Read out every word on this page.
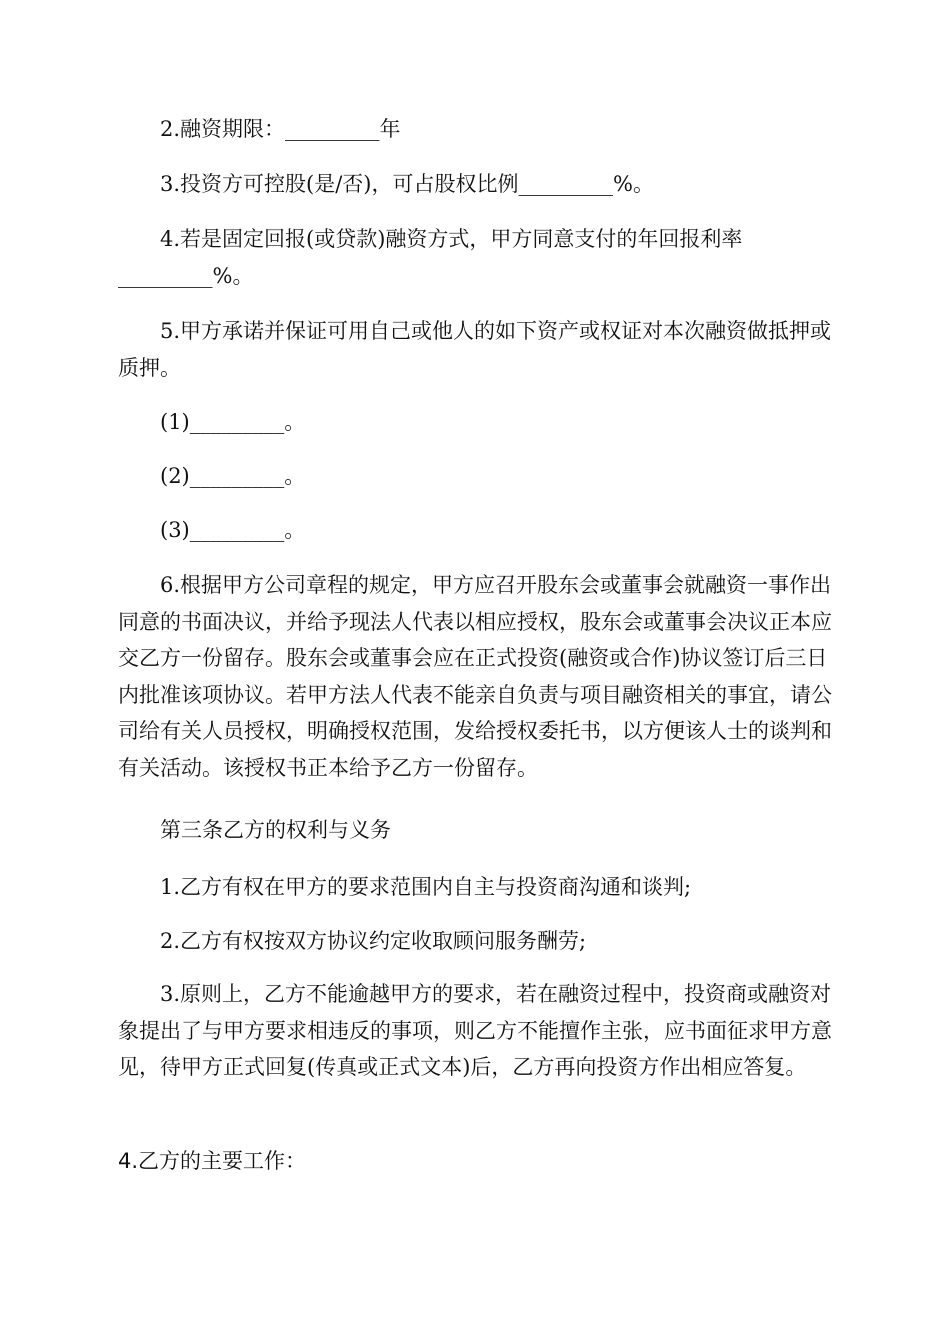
2.融资期限：_________年

3.投资方可控股(是/否)，可占股权比例_________%。

4.若是固定回报(或贷款)融资方式，甲方同意支付的年回报利率_________%。

5.甲方承诺并保证可用自己或他人的如下资产或权证对本次融资做抵押或质押。

(1)_________。
(2)_________。
(3)_________。

6.根据甲方公司章程的规定，甲方应召开股东会或董事会就融资一事作出同意的书面决议，并给予现法人代表以相应授权，股东会或董事会决议正本应交乙方一份留存。股东会或董事会应在正式投资(融资或合作)协议签订后三日内批准该项协议。若甲方法人代表不能亲自负责与项目融资相关的事宜，请公司给有关人员授权，明确授权范围，发给授权委托书，以方便该人士的谈判和有关活动。该授权书正本给予乙方一份留存。

第三条乙方的权利与义务

1.乙方有权在甲方的要求范围内自主与投资商沟通和谈判;

2.乙方有权按双方协议约定收取顾问服务酬劳;

3.原则上，乙方不能逾越甲方的要求，若在融资过程中，投资商或融资对象提出了与甲方要求相违反的事项，则乙方不能擅作主张，应书面征求甲方意见，待甲方正式回复(传真或正式文本)后，乙方再向投资方作出相应答复。

4.乙方的主要工作：
